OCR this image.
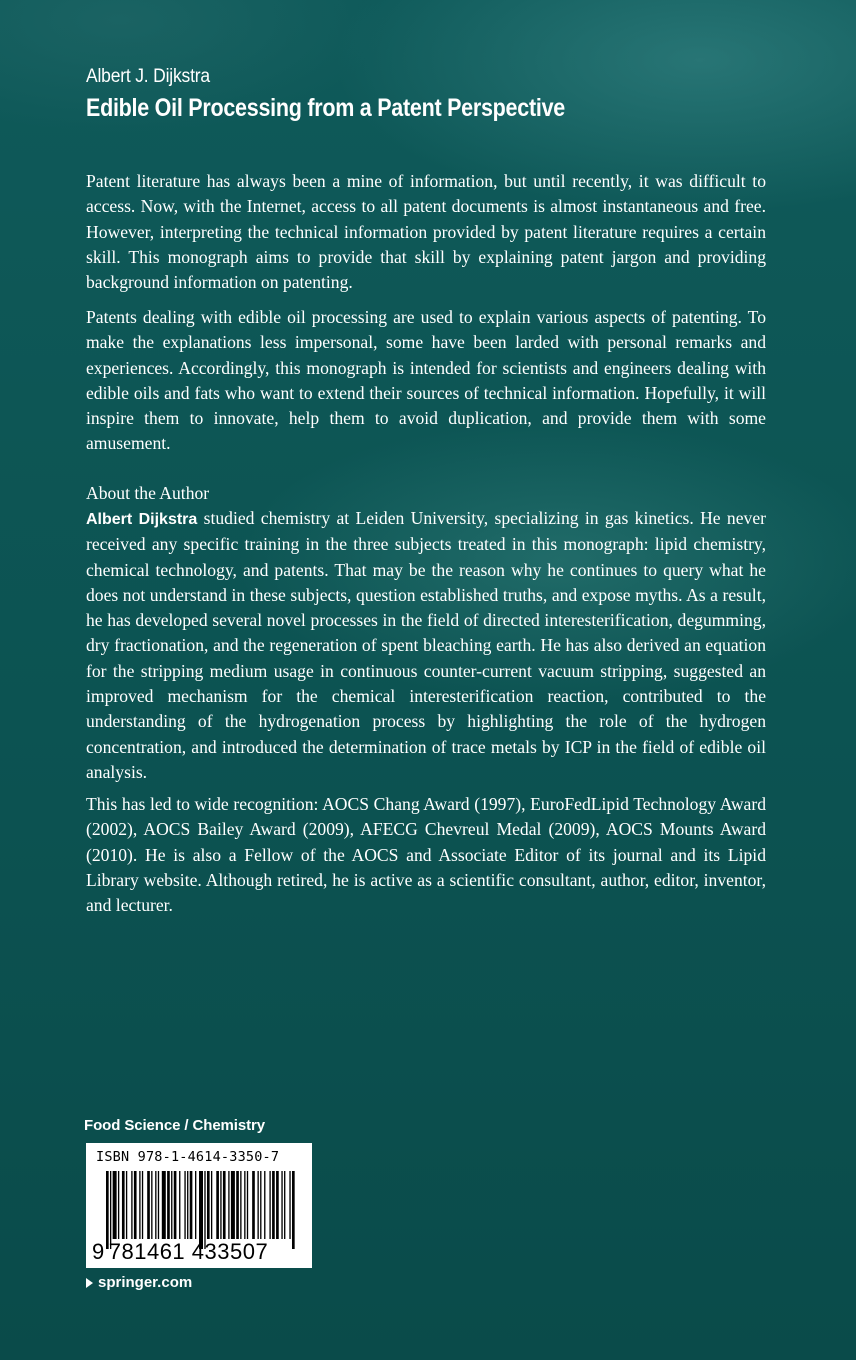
Albert J. Dijkstra
Edible Oil Processing from a Patent Perspective

Patent literature has always been a mine of information, but until recently, it was difficult to access. Now, with the Internet, access to all patent documents is almost instantaneous and free. However, interpreting the technical information provided by patent literature requires a certain skill. This monograph aims to provide that skill by explaining patent jargon and providing background information on patenting.

Patents dealing with edible oil processing are used to explain various aspects of patenting. To make the explanations less impersonal, some have been larded with personal remarks and experiences. Accordingly, this monograph is intended for scientists and engineers dealing with edible oils and fats who want to extend their sources of technical information. Hopefully, it will inspire them to innovate, help them to avoid duplication, and provide them with some amusement.

About the Author

Albert Dijkstra studied chemistry at Leiden University, specializing in gas kinetics. He never received any specific training in the three subjects treated in this monograph: lipid chemistry, chemical technology, and patents. That may be the reason why he continues to query what he does not understand in these subjects, question established truths, and expose myths. As a result, he has developed several novel processes in the field of directed interesterification, degumming, dry fractionation, and the regeneration of spent bleaching earth. He has also derived an equation for the stripping medium usage in continuous counter-current vacuum stripping, suggested an improved mechanism for the chemical interesterification reaction, contributed to the understanding of the hydrogenation process by highlighting the role of the hydrogen concentration, and introduced the determination of trace metals by ICP in the field of edible oil analysis.

This has led to wide recognition: AOCS Chang Award (1997), EuroFedLipid Technology Award (2002), AOCS Bailey Award (2009), AFECG Chevreul Medal (2009), AOCS Mounts Award (2010). He is also a Fellow of the AOCS and Associate Editor of its journal and its Lipid Library website. Although retired, he is active as a scientific consultant, author, editor, inventor, and lecturer.

Food Science / Chemistry
ISBN 978-1-4614-3350-7
9 781461 433507
springer.com
